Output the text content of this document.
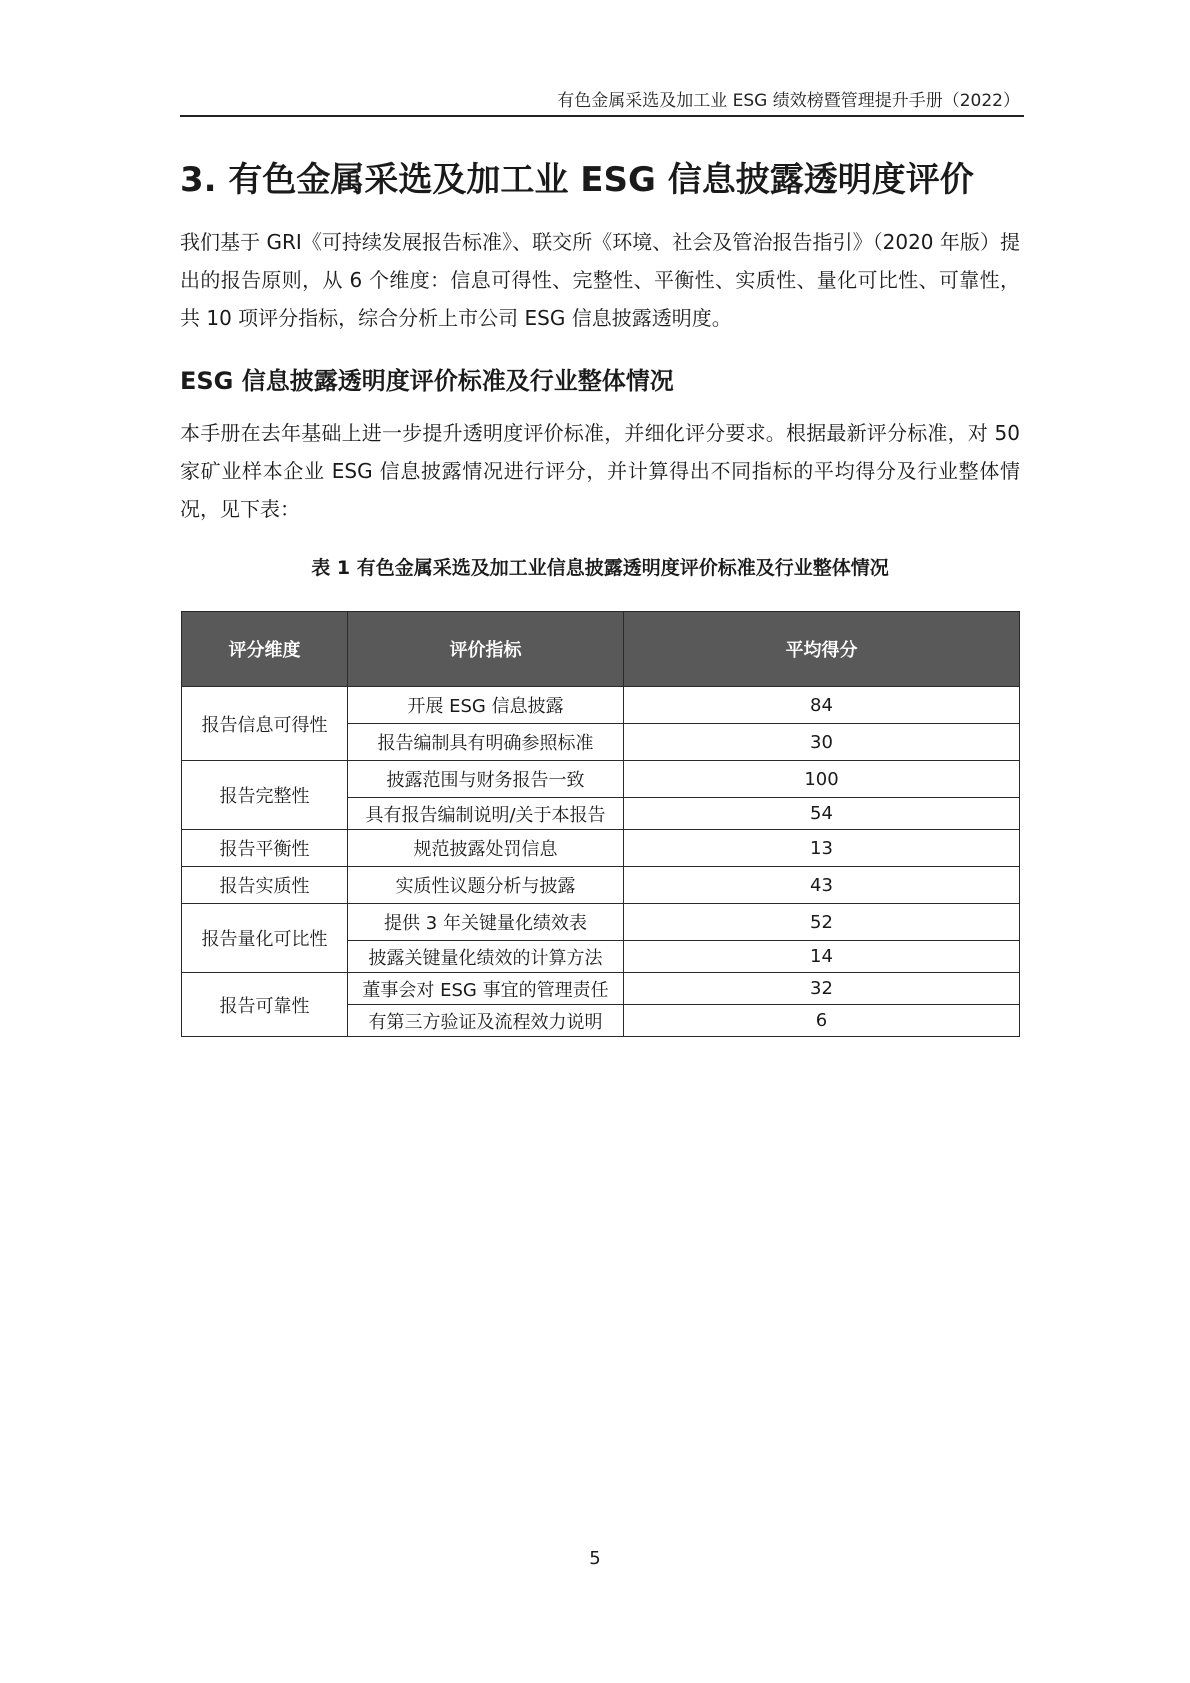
有色金属采选及加工业 ESG 绩效榜暨管理提升手册（2022）
3. 有色金属采选及加工业 ESG 信息披露透明度评价
我们基于 GRI《可持续发展报告标准》、联交所《环境、社会及管治报告指引》（2020 年版）提出的报告原则，从 6 个维度：信息可得性、完整性、平衡性、实质性、量化可比性、可靠性，共 10 项评分指标，综合分析上市公司 ESG 信息披露透明度。
ESG 信息披露透明度评价标准及行业整体情况
本手册在去年基础上进一步提升透明度评价标准，并细化评分要求。根据最新评分标准，对 50 家矿业样本企业 ESG 信息披露情况进行评分，并计算得出不同指标的平均得分及行业整体情况，见下表：
表 1 有色金属采选及加工业信息披露透明度评价标准及行业整体情况
评分维度	评价指标	平均得分
报告信息可得性	开展 ESG 信息披露	84
	报告编制具有明确参照标准	30
报告完整性	披露范围与财务报告一致	100
	具有报告编制说明/关于本报告	54
报告平衡性	规范披露处罚信息	13
报告实质性	实质性议题分析与披露	43
报告量化可比性	提供 3 年关键量化绩效表	52
	披露关键量化绩效的计算方法	14
报告可靠性	董事会对 ESG 事宜的管理责任	32
	有第三方验证及流程效力说明	6
5
